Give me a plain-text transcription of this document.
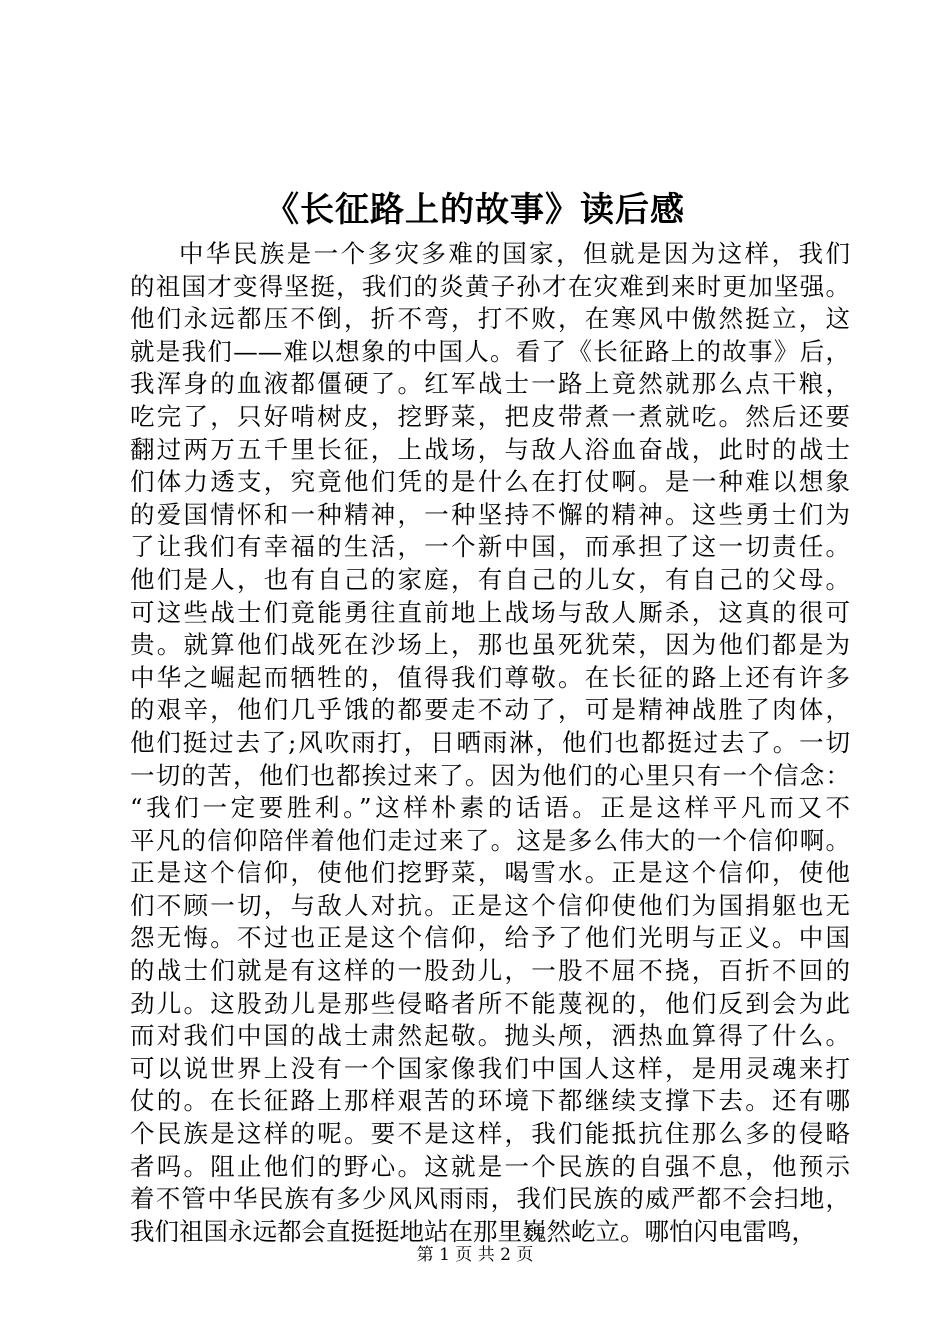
《长征路上的故事》读后感
中华民族是一个多灾多难的国家，但就是因为这样，我们
的祖国才变得坚挺，我们的炎黄子孙才在灾难到来时更加坚强。
他们永远都压不倒，折不弯，打不败，在寒风中傲然挺立，这
就是我们——难以想象的中国人。看了《长征路上的故事》后，
我浑身的血液都僵硬了。红军战士一路上竟然就那么点干粮，
吃完了，只好啃树皮，挖野菜，把皮带煮一煮就吃。然后还要
翻过两万五千里长征，上战场，与敌人浴血奋战，此时的战士
们体力透支，究竟他们凭的是什么在打仗啊。是一种难以想象
的爱国情怀和一种精神，一种坚持不懈的精神。这些勇士们为
了让我们有幸福的生活，一个新中国，而承担了这一切责任。
他们是人，也有自己的家庭，有自己的儿女，有自己的父母。
可这些战士们竟能勇往直前地上战场与敌人厮杀，这真的很可
贵。就算他们战死在沙场上，那也虽死犹荣，因为他们都是为
中华之崛起而牺牲的，值得我们尊敬。在长征的路上还有许多
的艰辛，他们几乎饿的都要走不动了，可是精神战胜了肉体，
他们挺过去了;风吹雨打，日晒雨淋，他们也都挺过去了。一切
一切的苦，他们也都挨过来了。因为他们的心里只有一个信念：
“我们一定要胜利。”这样朴素的话语。正是这样平凡而又不
平凡的信仰陪伴着他们走过来了。这是多么伟大的一个信仰啊。
正是这个信仰，使他们挖野菜，喝雪水。正是这个信仰，使他
们不顾一切，与敌人对抗。正是这个信仰使他们为国捐躯也无
怨无悔。不过也正是这个信仰，给予了他们光明与正义。中国
的战士们就是有这样的一股劲儿，一股不屈不挠，百折不回的
劲儿。这股劲儿是那些侵略者所不能蔑视的，他们反到会为此
而对我们中国的战士肃然起敬。抛头颅，洒热血算得了什么。
可以说世界上没有一个国家像我们中国人这样，是用灵魂来打
仗的。在长征路上那样艰苦的环境下都继续支撑下去。还有哪
个民族是这样的呢。要不是这样，我们能抵抗住那么多的侵略
者吗。阻止他们的野心。这就是一个民族的自强不息，他预示
着不管中华民族有多少风风雨雨，我们民族的威严都不会扫地，
我们祖国永远都会直挺挺地站在那里巍然屹立。哪怕闪电雷鸣，
第 1 页 共 2 页
